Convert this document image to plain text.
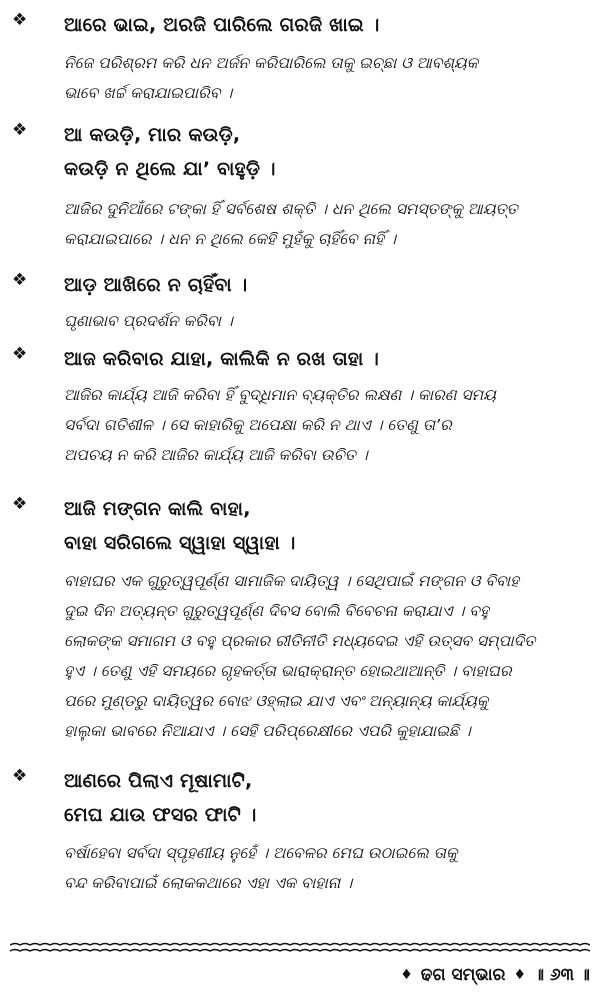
❖ ଆରେ ଭାଇ, ଅରଜି ପାରିଲେ ଗରଜି ଖାଇ ।
ନିଜେ ପରିଶ୍ରମ କରି ଧନ ଅର୍ଜନ କରିପାରିଲେ ତାକୁ ଇଚ୍ଛା ଓ ଆବଶ୍ୟକ
ଭାବେ ଖର୍ଚ୍ଚ କରାଯାଇପାରିବ ।
❖ ଆ କଉଡ଼ି, ମାର କଉଡ଼ି,
କଉଡ଼ି ନ ଥିଲେ ଯା’ ବାହୁଡ଼ି ।
ଆଜିର ଦୁନିଆଁରେ ଟଙ୍କା ହିଁ ସର୍ବଶେଷ ଶକ୍ତି । ଧନ ଥିଲେ ସମସ୍ତଙ୍କୁ ଆୟତ୍ତ
କରାଯାଇପାରେ । ଧନ ନ ଥିଲେ କେହି ମୁହଁକୁ ଚାହିଁବେ ନାହିଁ ।
❖ ଆଡ଼ ଆଖିରେ ନ ଚାହିଁବା ।
ଘୃଣାଭାବ ପ୍ରଦର୍ଶନ କରିବା ।
❖ ଆଜ କରିବାର ଯାହା, କାଲିକି ନ ରଖ ତାହା ।
ଆଜିର କାର୍ଯ୍ୟ ଆଜି କରିବା ହିଁ ବୁଦ୍ଧିମାନ ବ୍ୟକ୍ତିର ଲକ୍ଷଣ । କାରଣ ସମୟ
ସର୍ବଦା ଗତିଶୀଳ । ସେ କାହାରିକୁ ଅପେକ୍ଷା କରି ନ ଥାଏ । ତେଣୁ ତା’ର
ଅପଚୟ ନ କରି ଆଜିର କାର୍ଯ୍ୟ ଆଜି କରିବା ଉଚିତ ।
❖ ଆଜି ମଙ୍ଗନ କାଲି ବାହା,
ବାହା ସରିଗଲେ ସ୍ୱାହା ସ୍ୱାହା ।
ବାହାଘର ଏକ ଗୁରୁତ୍ୱପୂର୍ଣ୍ଣ ସାମାଜିକ ଦାୟିତ୍ୱ । ସେଥିପାଇଁ ମଙ୍ଗନ ଓ ବିବାହ
ଦୁଇ ଦିନ ଅତ୍ୟନ୍ତ ଗୁରୁତ୍ୱପୂର୍ଣ୍ଣ ଦିବସ ବୋଲି ବିବେଚନା କରାଯାଏ । ବହୁ
ଲୋକଙ୍କ ସମାଗମ ଓ ବହୁ ପ୍ରକାର ରୀତିନୀତି ମଧ୍ୟଦେଇ ଏହି ଉତ୍ସବ ସମ୍ପାଦିତ
ହୁଏ । ତେଣୁ ଏହି ସମୟରେ ଗୃହକର୍ତ୍ତା ଭାରାକ୍ରାନ୍ତ ହୋଇଥାଆନ୍ତି । ବାହାଘର
ପରେ ମୁଣ୍ଡରୁ ଦାୟିତ୍ୱର ବୋଝ ଓହ୍ଲାଇ ଯାଏ ଏବଂ ଅନ୍ୟାନ୍ୟ କାର୍ଯ୍ୟକୁ
ହାଲୁକା ଭାବରେ ନିଆଯାଏ । ସେହି ପରିପ୍ରେକ୍ଷୀରେ ଏପରି କୁହାଯାଇଛି ।
❖ ଆଣରେ ପିଲାଏ ମୂଷାମାଟି,
ମେଘ ଯାଉ ଫସର ଫାଟି ।
ବର୍ଷାହେବା ସର୍ବଦା ସ୍ପୃହଣୀୟ ନୁହେଁ । ଅବେଳର ମେଘ ଉଠାଇଲେ ତାକୁ
ବନ୍ଦ କରିବାପାଇଁ ଲୋକକଥାରେ ଏହା ଏକ ବାହାନା ।
♦ ଢଗ ସମ୍ଭାର ♦ ॥ ୬୩ ॥
